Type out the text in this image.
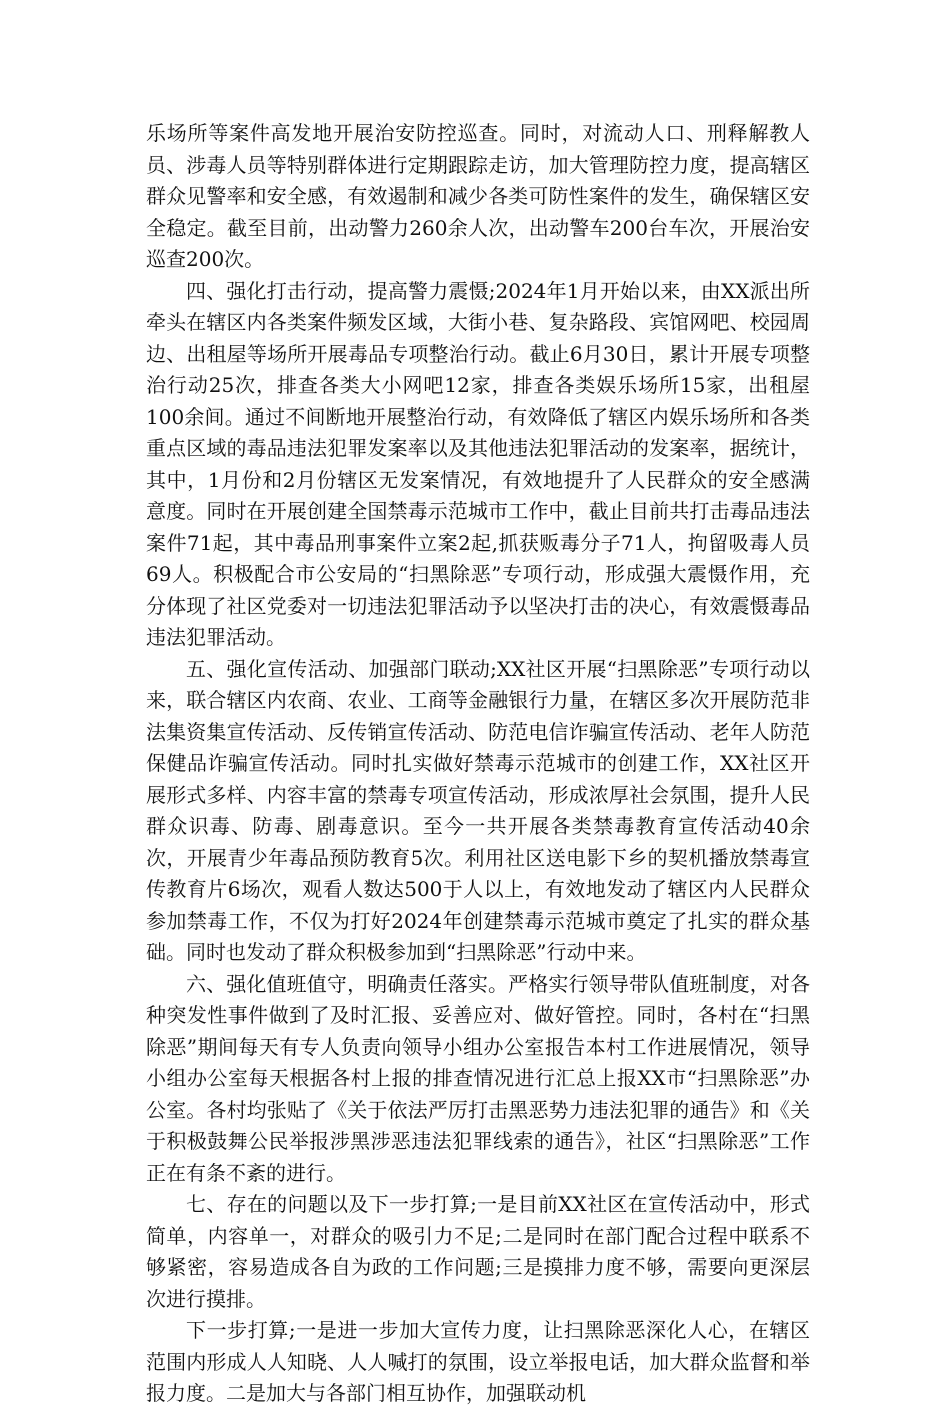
乐场所等案件高发地开展治安防控巡查。同时，对流动人口、刑释解教人员、涉毒人员等特别群体进行定期跟踪走访，加大管理防控力度，提高辖区群众见警率和安全感，有效遏制和减少各类可防性案件的发生，确保辖区安全稳定。截至目前，出动警力260余人次，出动警车200台车次，开展治安巡查200次。

四、强化打击行动，提高警力震慑;2024年1月开始以来，由XX派出所牵头在辖区内各类案件频发区域，大街小巷、复杂路段、宾馆网吧、校园周边、出租屋等场所开展毒品专项整治行动。截止6月30日，累计开展专项整治行动25次，排查各类大小网吧12家，排查各类娱乐场所15家，出租屋100余间。通过不间断地开展整治行动，有效降低了辖区内娱乐场所和各类重点区域的毒品违法犯罪发案率以及其他违法犯罪活动的发案率，据统计，其中，1月份和2月份辖区无发案情况，有效地提升了人民群众的安全感满意度。同时在开展创建全国禁毒示范城市工作中，截止目前共打击毒品违法案件71起，其中毒品刑事案件立案2起,抓获贩毒分子71人，拘留吸毒人员69人。积极配合市公安局的“扫黑除恶”专项行动，形成强大震慑作用，充分体现了社区党委对一切违法犯罪活动予以坚决打击的决心，有效震慑毒品违法犯罪活动。

五、强化宣传活动、加强部门联动;XX社区开展“扫黑除恶”专项行动以来，联合辖区内农商、农业、工商等金融银行力量，在辖区多次开展防范非法集资集宣传活动、反传销宣传活动、防范电信诈骗宣传活动、老年人防范保健品诈骗宣传活动。同时扎实做好禁毒示范城市的创建工作，XX社区开展形式多样、内容丰富的禁毒专项宣传活动，形成浓厚社会氛围，提升人民群众识毒、防毒、剧毒意识。至今一共开展各类禁毒教育宣传活动40余次，开展青少年毒品预防教育5次。利用社区送电影下乡的契机播放禁毒宣传教育片6场次，观看人数达500于人以上，有效地发动了辖区内人民群众参加禁毒工作，不仅为打好2024年创建禁毒示范城市奠定了扎实的群众基础。同时也发动了群众积极参加到“扫黑除恶”行动中来。

六、强化值班值守，明确责任落实。严格实行领导带队值班制度，对各种突发性事件做到了及时汇报、妥善应对、做好管控。同时，各村在“扫黑除恶”期间每天有专人负责向领导小组办公室报告本村工作进展情况，领导小组办公室每天根据各村上报的排查情况进行汇总上报XX市“扫黑除恶”办公室。各村均张贴了《关于依法严厉打击黑恶势力违法犯罪的通告》和《关于积极鼓舞公民举报涉黑涉恶违法犯罪线索的通告》，社区“扫黑除恶”工作正在有条不紊的进行。

七、存在的问题以及下一步打算;一是目前XX社区在宣传活动中，形式简单，内容单一，对群众的吸引力不足;二是同时在部门配合过程中联系不够紧密，容易造成各自为政的工作问题;三是摸排力度不够，需要向更深层次进行摸排。

下一步打算;一是进一步加大宣传力度，让扫黑除恶深化人心，在辖区范围内形成人人知晓、人人喊打的氛围，设立举报电话，加大群众监督和举报力度。二是加大与各部门相互协作，加强联动机
